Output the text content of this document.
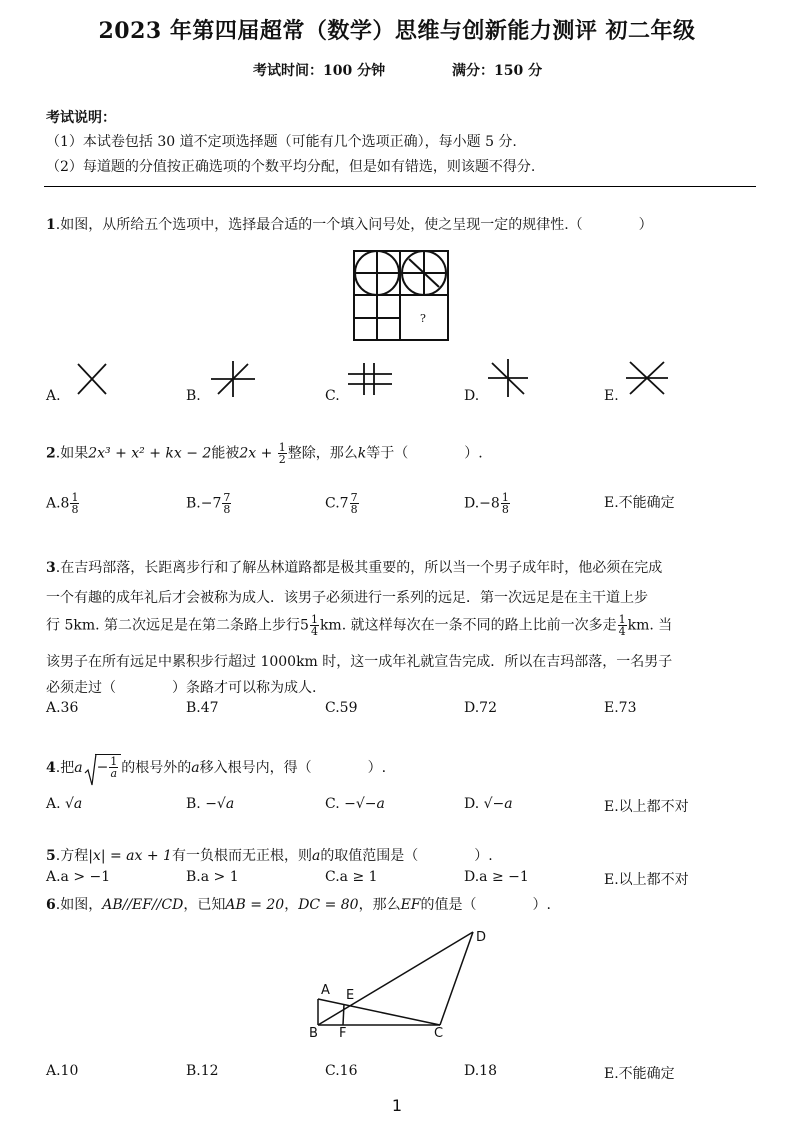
2023 年第四届超常（数学）思维与创新能力测评 初二年级
考试时间：100 分钟	满分：150 分
考试说明：
（1）本试卷包括 30 道不定项选择题（可能有几个选项正确），每小题 5 分.
（2）每道题的分值按正确选项的个数平均分配，但是如有错选，则该题不得分.
1.如图，从所给五个选项中，选择最合适的一个填入问号处，使之呈现一定的规律性.（　　　　）
?
A.	B.	C.	D.	E.
2.如果2x³ + x² + kx − 2能被$2x + \frac{1}{2}$ 整除，那么k等于（　　　　）.
$A.8 \frac{1}{8}$	$B.-7 \frac{7}{8}$	$C.7 \frac{7}{8}$	$D.-8 \frac{1}{8}$	E.不能确定
3.在吉玛部落，长距离步行和了解丛林道路都是极其重要的，所以当一个男子成年时，他必须在完成
一个有趣的成年礼后才会被称为成人．该男子必须进行一系列的远足．第一次远足是在主干道上步
行 5km. 第二次远足是在第二条路上步行$5 \frac{1}{4}$ km. 就这样每次在一条不同的路上比前一次多走 $\frac{1}{4}$ km. 当
该男子在所有远足中累积步行超过 1000km 时，这一成年礼就宣告完成．所以在吉玛部落，一名男子
必须走过（　　　　）条路才可以称为成人.
A.36	B.47	C.59	D.72	E.73
4.把$a - \frac{1}{a}$ 的根号外的a移入根号内，得（　　　　）.
A. √a	B. −√a	C. −√−a	D. √−a	E.以上都不对
5.方程|x| = ax + 1有一负根而无正根，则a的取值范围是（　　　　）.
A.a > −1	B.a > 1	C.a ≥ 1	D.a ≥ −1	E.以上都不对
6.如图，AB//EF//CD，已知AB = 20，DC = 80，那么EF的值是（　　　　）.
A E
D
B F	C
A.10	B.12	C.16	D.18	E.不能确定
1
